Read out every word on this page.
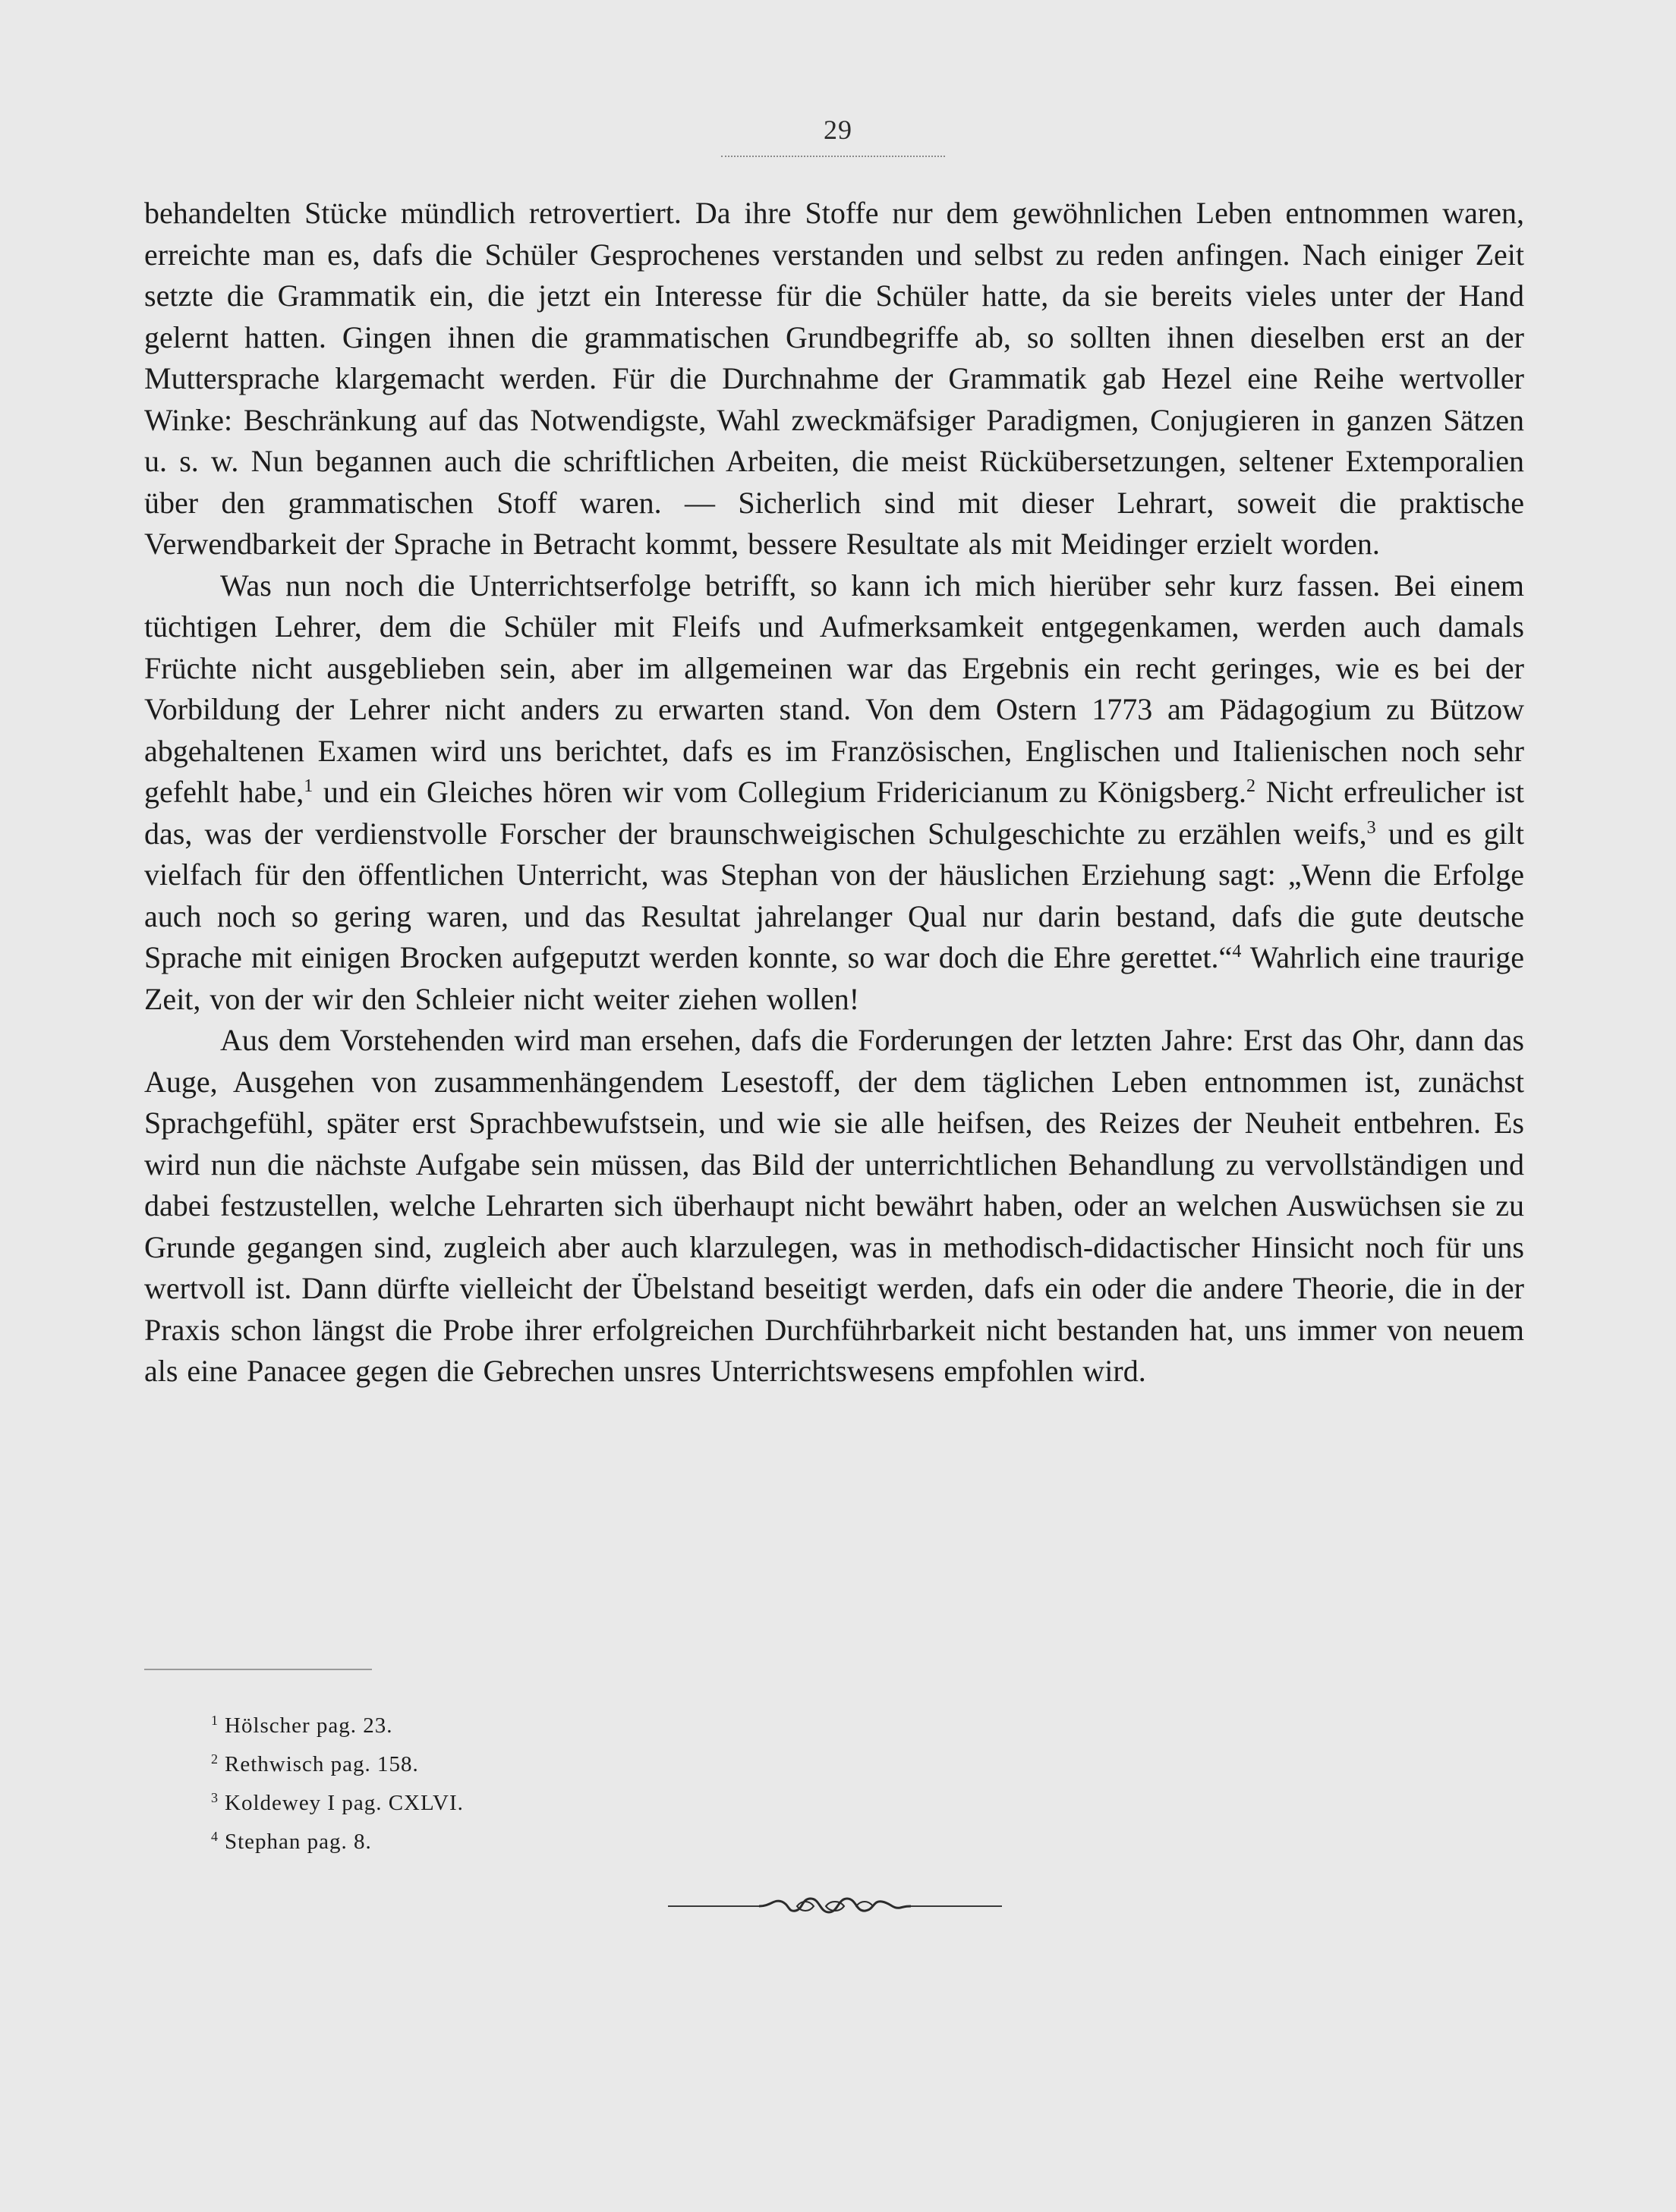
29

behandelten Stücke mündlich retrovertiert. Da ihre Stoffe nur dem gewöhnlichen Leben entnommen waren, erreichte man es, dafs die Schüler Gesprochenes verstanden und selbst zu reden anfingen. Nach einiger Zeit setzte die Grammatik ein, die jetzt ein Interesse für die Schüler hatte, da sie bereits vieles unter der Hand gelernt hatten. Gingen ihnen die grammatischen Grundbegriffe ab, so sollten ihnen dieselben erst an der Muttersprache klargemacht werden. Für die Durchnahme der Grammatik gab Hezel eine Reihe wertvoller Winke: Beschränkung auf das Notwendigste, Wahl zweckmäfsiger Paradigmen, Conjugieren in ganzen Sätzen u. s. w. Nun begannen auch die schriftlichen Arbeiten, die meist Rückübersetzungen, seltener Extemporalien über den grammatischen Stoff waren. — Sicherlich sind mit dieser Lehrart, soweit die praktische Verwendbarkeit der Sprache in Betracht kommt, bessere Resultate als mit Meidinger erzielt worden.

Was nun noch die Unterrichtserfolge betrifft, so kann ich mich hierüber sehr kurz fassen. Bei einem tüchtigen Lehrer, dem die Schüler mit Fleifs und Aufmerksamkeit entgegenkamen, werden auch damals Früchte nicht ausgeblieben sein, aber im allgemeinen war das Ergebnis ein recht geringes, wie es bei der Vorbildung der Lehrer nicht anders zu erwarten stand. Von dem Ostern 1773 am Pädagogium zu Bützow abgehaltenen Examen wird uns berichtet, dafs es im Französischen, Englischen und Italienischen noch sehr gefehlt habe,$^1$ und ein Gleiches hören wir vom Collegium Fridericianum zu Königsberg.$^2$ Nicht erfreulicher ist das, was der verdienstvolle Forscher der braunschweigischen Schulgeschichte zu erzählen weifs,$^3$ und es gilt vielfach für den öffentlichen Unterricht, was Stephan von der häuslichen Erziehung sagt: „Wenn die Erfolge auch noch so gering waren, und das Resultat jahrelanger Qual nur darin bestand, dafs die gute deutsche Sprache mit einigen Brocken aufgeputzt werden konnte, so war doch die Ehre gerettet.“$^4$ Wahrlich eine traurige Zeit, von der wir den Schleier nicht weiter ziehen wollen!

Aus dem Vorstehenden wird man ersehen, dafs die Forderungen der letzten Jahre: Erst das Ohr, dann das Auge, Ausgehen von zusammenhängendem Lesestoff, der dem täglichen Leben entnommen ist, zunächst Sprachgefühl, später erst Sprachbewufstsein, und wie sie alle heifsen, des Reizes der Neuheit entbehren. Es wird nun die nächste Aufgabe sein müssen, das Bild der unterrichtlichen Behandlung zu vervollständigen und dabei festzustellen, welche Lehrarten sich überhaupt nicht bewährt haben, oder an welchen Auswüchsen sie zu Grunde gegangen sind, zugleich aber auch klarzulegen, was in methodisch-didactischer Hinsicht noch für uns wertvoll ist. Dann dürfte vielleicht der Übelstand beseitigt werden, dafs ein oder die andere Theorie, die in der Praxis schon längst die Probe ihrer erfolgreichen Durchführbarkeit nicht bestanden hat, uns immer von neuem als eine Panacee gegen die Gebrechen unsres Unterrichtswesens empfohlen wird.

$^1$ Hölscher pag. 23.
$^2$ Rethwisch pag. 158.
$^3$ Koldewey I pag. CXLVI.
$^4$ Stephan pag. 8.
